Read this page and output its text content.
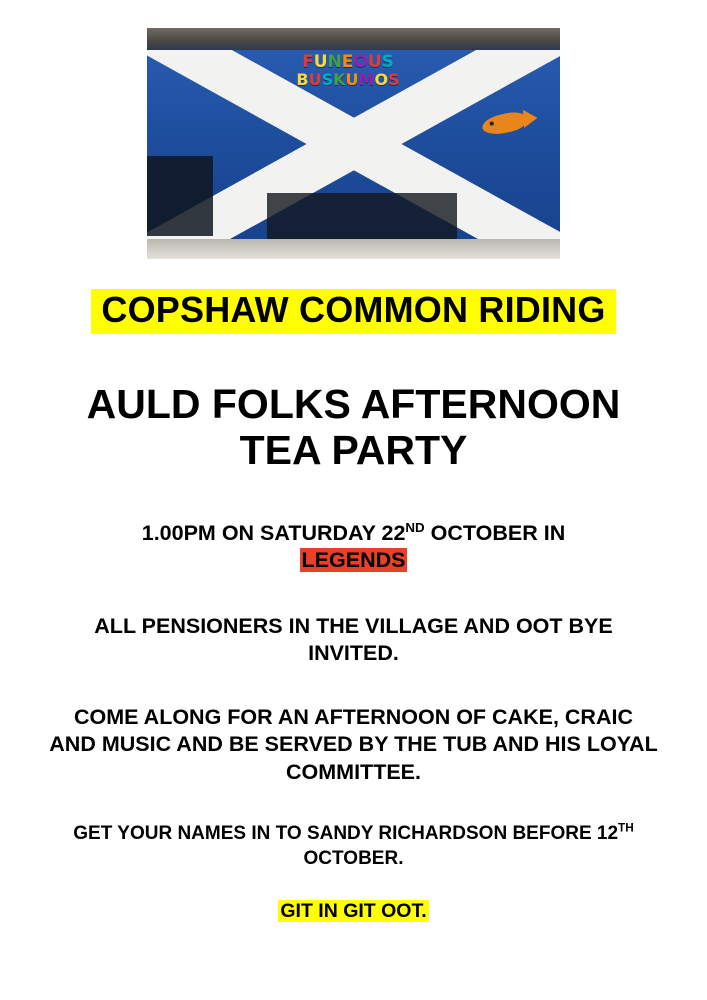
FUNEOUS
BUSKUMOS
COPSHAW COMMON RIDING
AULD FOLKS AFTERNOON TEA PARTY
1.00PM ON SATURDAY 22ND OCTOBER IN
LEGENDS
ALL PENSIONERS IN THE VILLAGE AND OOT BYE INVITED.
COME ALONG FOR AN AFTERNOON OF CAKE, CRAIC AND MUSIC AND BE SERVED BY THE TUB AND HIS LOYAL COMMITTEE.
GET YOUR NAMES IN TO SANDY RICHARDSON BEFORE 12TH OCTOBER.
GIT IN GIT OOT.
